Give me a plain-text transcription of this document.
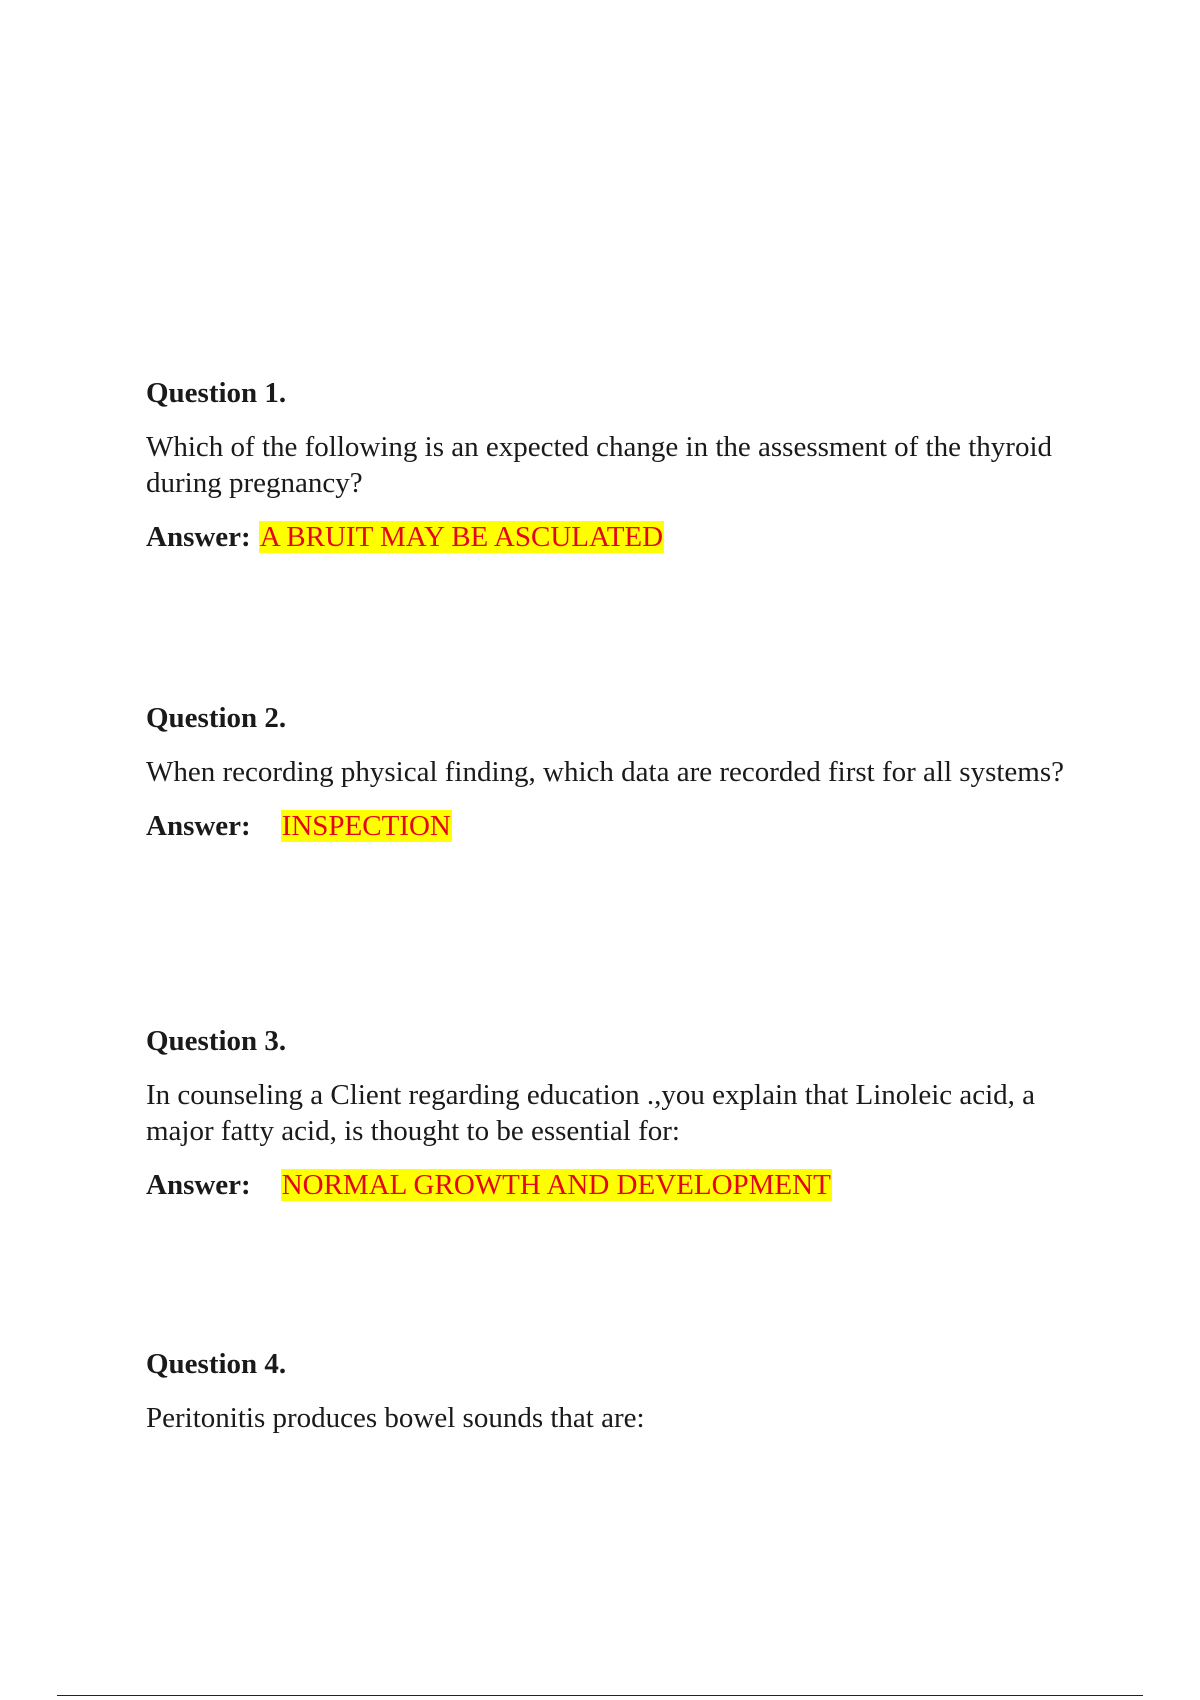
Question 1.

Which of the following is an expected change in the assessment of the thyroid during pregnancy?

Answer: A BRUIT MAY BE ASCULATED

Question 2.

When recording physical finding, which data are recorded first for all systems?

Answer: INSPECTION

Question 3.

In counseling a Client regarding education .,you explain that Linoleic acid, a major fatty acid, is thought to be essential for:

Answer: NORMAL GROWTH AND DEVELOPMENT

Question 4.

Peritonitis produces bowel sounds that are:
